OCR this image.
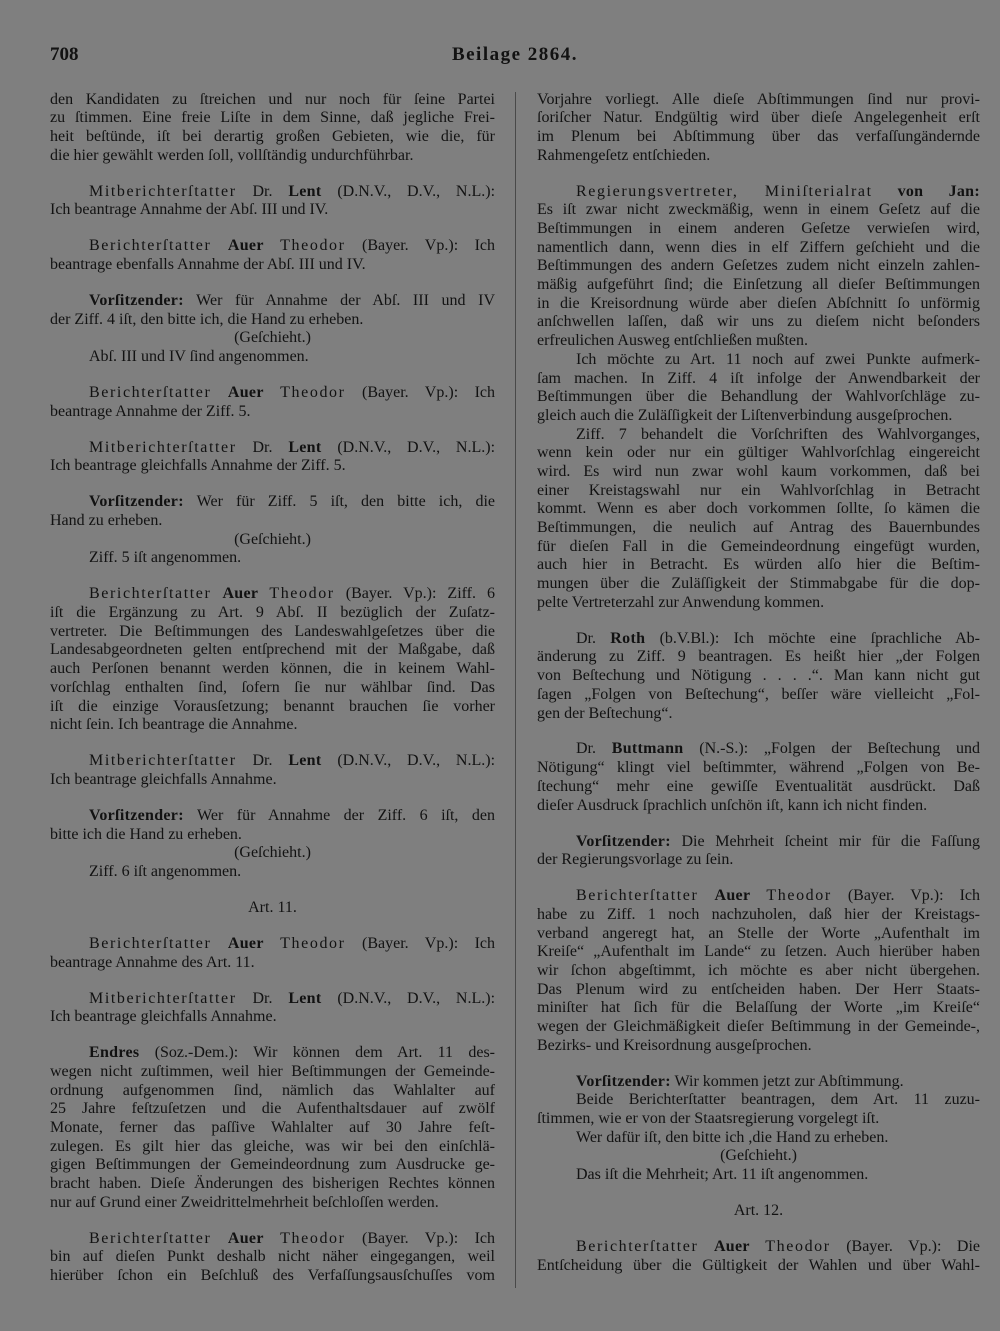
708	Beilage 2864.
den Kandidaten zu ſtreichen und nur noch für ſeine Partei
zu ſtimmen. Eine freie Liſte in dem Sinne, daß jegliche Frei-
heit beſtünde, iſt bei derartig großen Gebieten, wie die, für
die hier gewählt werden ſoll, vollſtändig undurchführbar.
Mitberichterſtatter Dr. Lent (D.N.V., D.V., N.L.):
Ich beantrage Annahme der Abſ. III und IV.
Berichterſtatter Auer Theodor (Bayer. Vp.): Ich
beantrage ebenfalls Annahme der Abſ. III und IV.
Vorſitzender: Wer für Annahme der Abſ. III und IV
der Ziff. 4 iſt, den bitte ich, die Hand zu erheben.
(Geſchieht.)
Abſ. III und IV ſind angenommen.
Berichterſtatter Auer Theodor (Bayer. Vp.): Ich
beantrage Annahme der Ziff. 5.
Mitberichterſtatter Dr. Lent (D.N.V., D.V., N.L.):
Ich beantrage gleichfalls Annahme der Ziff. 5.
Vorſitzender: Wer für Ziff. 5 iſt, den bitte ich, die
Hand zu erheben.
(Geſchieht.)
Ziff. 5 iſt angenommen.
Berichterſtatter Auer Theodor (Bayer. Vp.): Ziff. 6
iſt die Ergänzung zu Art. 9 Abſ. II bezüglich der Zuſatz-
vertreter. Die Beſtimmungen des Landeswahlgeſetzes über die
Landesabgeordneten gelten entſprechend mit der Maßgabe, daß
auch Perſonen benannt werden können, die in keinem Wahl-
vorſchlag enthalten ſind, ſofern ſie nur wählbar ſind. Das
iſt die einzige Vorausſetzung; benannt brauchen ſie vorher
nicht ſein. Ich beantrage die Annahme.
Mitberichterſtatter Dr. Lent (D.N.V., D.V., N.L.):
Ich beantrage gleichfalls Annahme.
Vorſitzender: Wer für Annahme der Ziff. 6 iſt, den
bitte ich die Hand zu erheben.
(Geſchieht.)
Ziff. 6 iſt angenommen.
Art. 11.
Berichterſtatter Auer Theodor (Bayer. Vp.): Ich
beantrage Annahme des Art. 11.
Mitberichterſtatter Dr. Lent (D.N.V., D.V., N.L.):
Ich beantrage gleichfalls Annahme.
Endres (Soz.-Dem.): Wir können dem Art. 11 des-
wegen nicht zuſtimmen, weil hier Beſtimmungen der Gemeinde-
ordnung aufgenommen ſind, nämlich das Wahlalter auf
25 Jahre feſtzuſetzen und die Aufenthaltsdauer auf zwölf
Monate, ferner das paſſive Wahlalter auf 30 Jahre feſt-
zulegen. Es gilt hier das gleiche, was wir bei den einſchlä-
gigen Beſtimmungen der Gemeindeordnung zum Ausdrucke ge-
bracht haben. Dieſe Änderungen des bisherigen Rechtes können
nur auf Grund einer Zweidrittelmehrheit beſchloſſen werden.
Berichterſtatter Auer Theodor (Bayer. Vp.): Ich
bin auf dieſen Punkt deshalb nicht näher eingegangen, weil
hierüber ſchon ein Beſchluß des Verfaſſungsausſchuſſes vom
Vorjahre vorliegt. Alle dieſe Abſtimmungen ſind nur provi-
ſoriſcher Natur. Endgültig wird über dieſe Angelegenheit erſt
im Plenum bei Abſtimmung über das verfaſſungändernde
Rahmengeſetz entſchieden.
Regierungsvertreter, Miniſterialrat von Jan:
Es iſt zwar nicht zweckmäßig, wenn in einem Geſetz auf die
Beſtimmungen in einem anderen Geſetze verwieſen wird,
namentlich dann, wenn dies in elf Ziffern geſchieht und die
Beſtimmungen des andern Geſetzes zudem nicht einzeln zahlen-
mäßig aufgeführt ſind; die Einſetzung all dieſer Beſtimmungen
in die Kreisordnung würde aber dieſen Abſchnitt ſo unförmig
anſchwellen laſſen, daß wir uns zu dieſem nicht beſonders
erfreulichen Ausweg entſchließen mußten.
Ich möchte zu Art. 11 noch auf zwei Punkte aufmerk-
ſam machen. In Ziff. 4 iſt infolge der Anwendbarkeit der
Beſtimmungen über die Behandlung der Wahlvorſchläge zu-
gleich auch die Zuläſſigkeit der Liſtenverbindung ausgeſprochen.
Ziff. 7 behandelt die Vorſchriften des Wahlvorganges,
wenn kein oder nur ein gültiger Wahlvorſchlag eingereicht
wird. Es wird nun zwar wohl kaum vorkommen, daß bei
einer Kreistagswahl nur ein Wahlvorſchlag in Betracht
kommt. Wenn es aber doch vorkommen ſollte, ſo kämen die
Beſtimmungen, die neulich auf Antrag des Bauernbundes
für dieſen Fall in die Gemeindeordnung eingefügt wurden,
auch hier in Betracht. Es würden alſo hier die Beſtim-
mungen über die Zuläſſigkeit der Stimmabgabe für die dop-
pelte Vertreterzahl zur Anwendung kommen.
Dr. Roth (b.V.Bl.): Ich möchte eine ſprachliche Ab-
änderung zu Ziff. 9 beantragen. Es heißt hier „der Folgen
von Beſtechung und Nötigung . . . .“. Man kann nicht gut
ſagen „Folgen von Beſtechung“, beſſer wäre vielleicht „Fol-
gen der Beſtechung“.
Dr. Buttmann (N.-S.): „Folgen der Beſtechung und
Nötigung“ klingt viel beſtimmter, während „Folgen von Be-
ſtechung“ mehr eine gewiſſe Eventualität ausdrückt. Daß
dieſer Ausdruck ſprachlich unſchön iſt, kann ich nicht finden.
Vorſitzender: Die Mehrheit ſcheint mir für die Faſſung
der Regierungsvorlage zu ſein.
Berichterſtatter Auer Theodor (Bayer. Vp.): Ich
habe zu Ziff. 1 noch nachzuholen, daß hier der Kreistags-
verband angeregt hat, an Stelle der Worte „Aufenthalt im
Kreiſe“ „Aufenthalt im Lande“ zu ſetzen. Auch hierüber haben
wir ſchon abgeſtimmt, ich möchte es aber nicht übergehen.
Das Plenum wird zu entſcheiden haben. Der Herr Staats-
miniſter hat ſich für die Belaſſung der Worte „im Kreiſe“
wegen der Gleichmäßigkeit dieſer Beſtimmung in der Gemeinde-,
Bezirks- und Kreisordnung ausgeſprochen.
Vorſitzender: Wir kommen jetzt zur Abſtimmung.
Beide Berichterſtatter beantragen, dem Art. 11 zuzu-
ſtimmen, wie er von der Staatsregierung vorgelegt iſt.
Wer dafür iſt, den bitte ich ,die Hand zu erheben.
(Geſchieht.)
Das iſt die Mehrheit; Art. 11 iſt angenommen.
Art. 12.
Berichterſtatter Auer Theodor (Bayer. Vp.): Die
Entſcheidung über die Gültigkeit der Wahlen und über Wahl-
